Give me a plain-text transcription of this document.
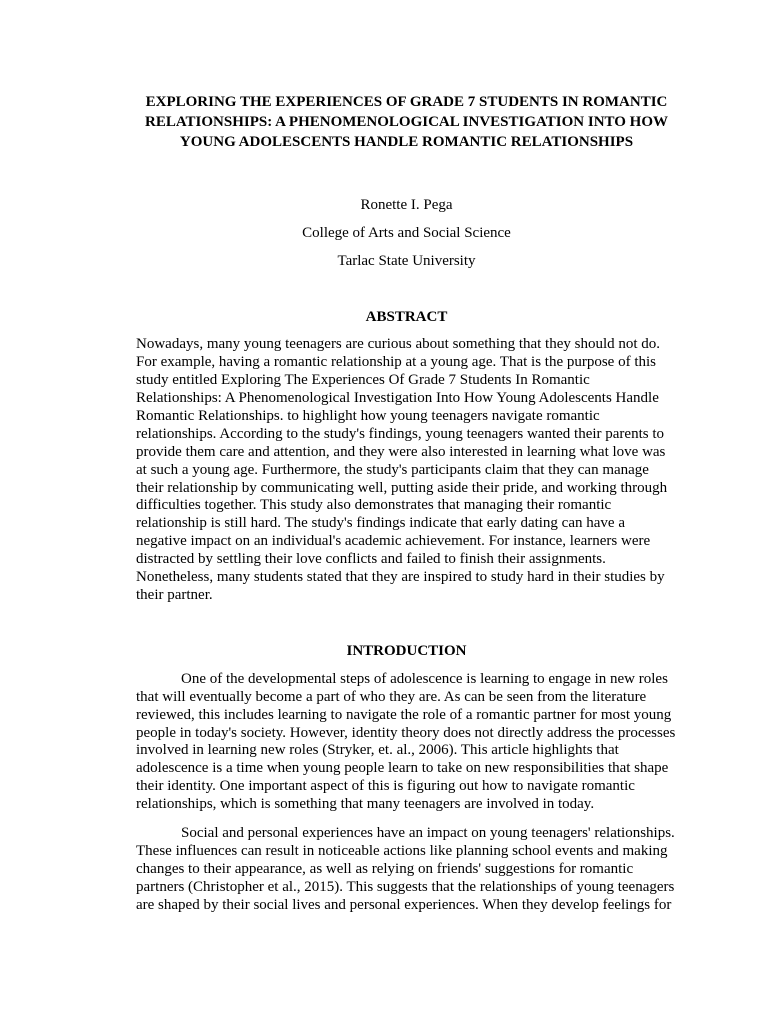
EXPLORING THE EXPERIENCES OF GRADE 7 STUDENTS IN ROMANTIC
RELATIONSHIPS: A PHENOMENOLOGICAL INVESTIGATION INTO HOW
YOUNG ADOLESCENTS HANDLE ROMANTIC RELATIONSHIPS
Ronette I. Pega
College of Arts and Social Science
Tarlac State University
ABSTRACT
Nowadays, many young teenagers are curious about something that they should not do.
For example, having a romantic relationship at a young age. That is the purpose of this
study entitled Exploring The Experiences Of Grade 7 Students In Romantic
Relationships: A Phenomenological Investigation Into How Young Adolescents Handle
Romantic Relationships. to highlight how young teenagers navigate romantic
relationships. According to the study's findings, young teenagers wanted their parents to
provide them care and attention, and they were also interested in learning what love was
at such a young age. Furthermore, the study's participants claim that they can manage
their relationship by communicating well, putting aside their pride, and working through
difficulties together. This study also demonstrates that managing their romantic
relationship is still hard. The study's findings indicate that early dating can have a
negative impact on an individual's academic achievement. For instance, learners were
distracted by settling their love conflicts and failed to finish their assignments.
Nonetheless, many students stated that they are inspired to study hard in their studies by
their partner.
INTRODUCTION
One of the developmental steps of adolescence is learning to engage in new roles
that will eventually become a part of who they are. As can be seen from the literature
reviewed, this includes learning to navigate the role of a romantic partner for most young
people in today's society. However, identity theory does not directly address the processes
involved in learning new roles (Stryker, et. al., 2006). This article highlights that
adolescence is a time when young people learn to take on new responsibilities that shape
their identity. One important aspect of this is figuring out how to navigate romantic
relationships, which is something that many teenagers are involved in today.
Social and personal experiences have an impact on young teenagers' relationships.
These influences can result in noticeable actions like planning school events and making
changes to their appearance, as well as relying on friends' suggestions for romantic
partners (Christopher et al., 2015). This suggests that the relationships of young teenagers
are shaped by their social lives and personal experiences. When they develop feelings for
